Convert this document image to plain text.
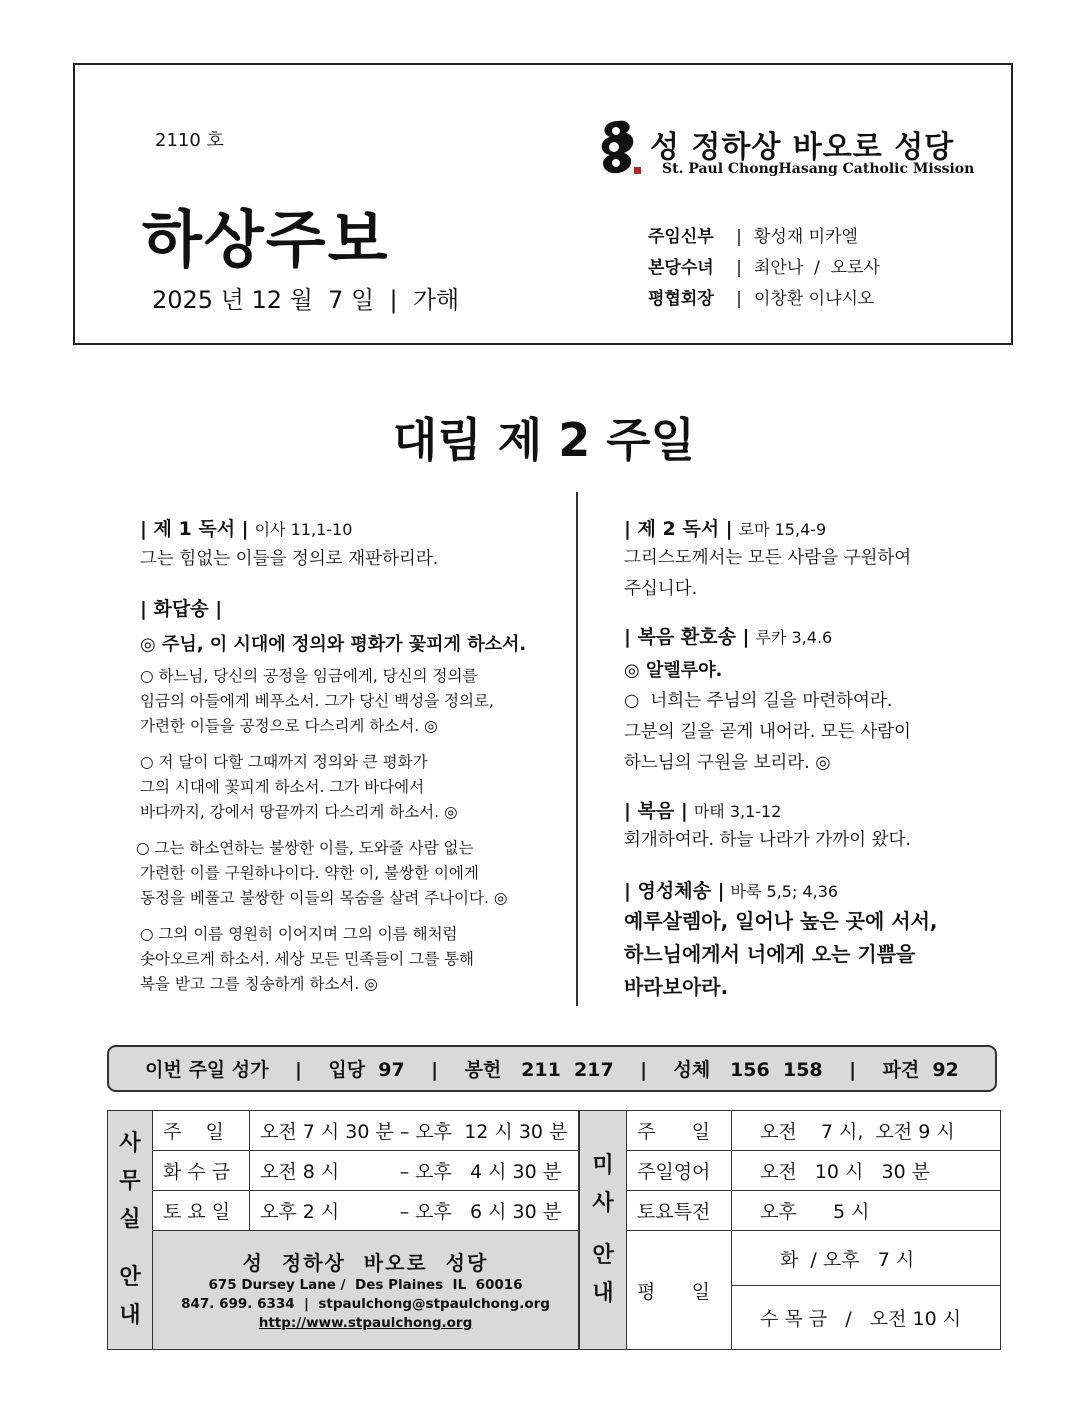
2110 호
하상주보
2025 년 12 월  7 일  |  가해
성 정하상 바오로 성당
St. Paul ChongHasang Catholic Mission
주임신부 | 황성재 미카엘
본당수녀 | 최안나  /  오로사
평협회장 | 이창환 이냐시오
대림 제 2 주일
| 제 1 독서 | 이사 11,1-10
그는 힘없는 이들을 정의로 재판하리라.
| 화답송 |
◎ 주님, 이 시대에 정의와 평화가 꽃피게 하소서.
○ 하느님, 당신의 공정을 임금에게, 당신의 정의를
임금의 아들에게 베푸소서. 그가 당신 백성을 정의로,
가련한 이들을 공정으로 다스리게 하소서. ◎
○ 저 달이 다할 그때까지 정의와 큰 평화가
그의 시대에 꽃피게 하소서. 그가 바다에서
바다까지, 강에서 땅끝까지 다스리게 하소서. ◎
○ 그는 하소연하는 불쌍한 이를, 도와줄 사람 없는
가련한 이를 구원하나이다. 약한 이, 불쌍한 이에게
동정을 베풀고 불쌍한 이들의 목숨을 살려 주나이다. ◎
○ 그의 이름 영원히 이어지며 그의 이름 해처럼
솟아오르게 하소서. 세상 모든 민족들이 그를 통해
복을 받고 그를 칭송하게 하소서. ◎
| 제 2 독서 | 로마 15,4-9
그리스도께서는 모든 사람을 구원하여
주십니다.
| 복음 환호송 | 루카 3,4.6
◎ 알렐루야.
○  너희는 주님의 길을 마련하여라.
그분의 길을 곧게 내어라. 모든 사람이
하느님의 구원을 보리라. ◎
| 복음 | 마태 3,1-12
회개하여라. 하늘 나라가 가까이 왔다.
| 영성체송 | 바룩 5,5; 4,36
예루살렘아, 일어나 높은 곳에 서서,
하느님에게서 너에게 오는 기쁨을
바라보아라.
이번 주일 성가    |    입당  97    |    봉헌   211  217    |    성체   156  158    |    파견  92
사
무
실
안
내	주    일	오전 7 시 30 분 – 오후  12 시 30 분
	화 수 금	오전 8 시          – 오후   4 시 30 분
	토 요 일	오후 2 시          – 오후   6 시 30 분

	성  정하상  바오로  성당
675 Dursey Lane /  Des Plaines  IL  60016
847. 699. 6334  |  stpaulchong@stpaulchong.org
http://www.stpaulchong.org	
미
사
안
내	주      일	오전    7 시,  오전 9 시
	주일영어	오전   10 시   30 분
	토요특전	오후      5 시
	평      일	화  / 오후   7 시
		수 목 금   /   오전 10 시
